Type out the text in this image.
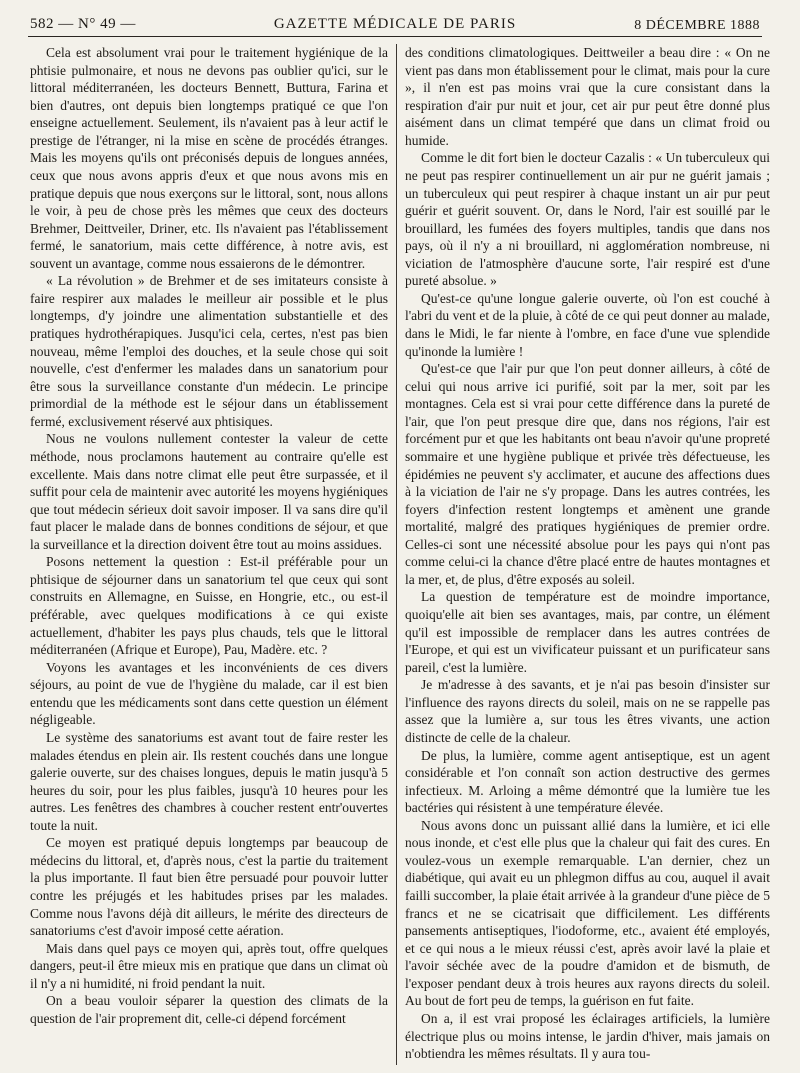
582 — N° 49 —	GAZETTE MÉDICALE DE PARIS	8 DÉCEMBRE 1888

Cela est absolument vrai pour le traitement hygiénique de la phtisie pulmonaire, et nous ne devons pas oublier qu'ici, sur le littoral méditerranéen, les docteurs Bennett, Buttura, Farina et bien d'autres, ont depuis bien longtemps pratiqué ce que l'on enseigne actuellement. Seulement, ils n'avaient pas à leur actif le prestige de l'étranger, ni la mise en scène de procédés étranges. Mais les moyens qu'ils ont préconisés depuis de longues années, ceux que nous avons appris d'eux et que nous avons mis en pratique depuis que nous exerçons sur le littoral, sont, nous allons le voir, à peu de chose près les mêmes que ceux des docteurs Brehmer, Deittveiler, Driner, etc. Ils n'avaient pas l'établissement fermé, le sanatorium, mais cette différence, à notre avis, est souvent un avantage, comme nous essaierons de le démontrer.

« La révolution » de Brehmer et de ses imitateurs consiste à faire respirer aux malades le meilleur air possible et le plus longtemps, d'y joindre une alimentation substantielle et des pratiques hydrothérapiques. Jusqu'ici cela, certes, n'est pas bien nouveau, même l'emploi des douches, et la seule chose qui soit nouvelle, c'est d'enfermer les malades dans un sanatorium pour être sous la surveillance constante d'un médecin. Le principe primordial de la méthode est le séjour dans un établissement fermé, exclusivement réservé aux phtisiques.

Nous ne voulons nullement contester la valeur de cette méthode, nous proclamons hautement au contraire qu'elle est excellente. Mais dans notre climat elle peut être surpassée, et il suffit pour cela de maintenir avec autorité les moyens hygiéniques que tout médecin sérieux doit savoir imposer. Il va sans dire qu'il faut placer le malade dans de bonnes conditions de séjour, et que la surveillance et la direction doivent être tout au moins assidues.

Posons nettement la question : Est-il préférable pour un phtisique de séjourner dans un sanatorium tel que ceux qui sont construits en Allemagne, en Suisse, en Hongrie, etc., ou est-il préférable, avec quelques modifications à ce qui existe actuellement, d'habiter les pays plus chauds, tels que le littoral méditerranéen (Afrique et Europe), Pau, Madère. etc. ?

Voyons les avantages et les inconvénients de ces divers séjours, au point de vue de l'hygiène du malade, car il est bien entendu que les médicaments sont dans cette question un élément négligeable.

Le système des sanatoriums est avant tout de faire rester les malades étendus en plein air. Ils restent couchés dans une longue galerie ouverte, sur des chaises longues, depuis le matin jusqu'à 5 heures du soir, pour les plus faibles, jusqu'à 10 heures pour les autres. Les fenêtres des chambres à coucher restent entr'ouvertes toute la nuit.

Ce moyen est pratiqué depuis longtemps par beaucoup de médecins du littoral, et, d'après nous, c'est la partie du traitement la plus importante. Il faut bien être persuadé pour pouvoir lutter contre les préjugés et les habitudes prises par les malades. Comme nous l'avons déjà dit ailleurs, le mérite des directeurs de sanatoriums c'est d'avoir imposé cette aération.

Mais dans quel pays ce moyen qui, après tout, offre quelques dangers, peut-il être mieux mis en pratique que dans un climat où il n'y a ni humidité, ni froid pendant la nuit.

On a beau vouloir séparer la question des climats de la question de l'air proprement dit, celle-ci dépend forcément

des conditions climatologiques. Deittweiler a beau dire : « On ne vient pas dans mon établissement pour le climat, mais pour la cure », il n'en est pas moins vrai que la cure consistant dans la respiration d'air pur nuit et jour, cet air pur peut être donné plus aisément dans un climat tempéré que dans un climat froid ou humide.

Comme le dit fort bien le docteur Cazalis : « Un tuberculeux qui ne peut pas respirer continuellement un air pur ne guérit jamais ; un tuberculeux qui peut respirer à chaque instant un air pur peut guérir et guérit souvent. Or, dans le Nord, l'air est souillé par le brouillard, les fumées des foyers multiples, tandis que dans nos pays, où il n'y a ni brouillard, ni agglomération nombreuse, ni viciation de l'atmosphère d'aucune sorte, l'air respiré est d'une pureté absolue. »

Qu'est-ce qu'une longue galerie ouverte, où l'on est couché à l'abri du vent et de la pluie, à côté de ce qui peut donner au malade, dans le Midi, le far niente à l'ombre, en face d'une vue splendide qu'inonde la lumière !

Qu'est-ce que l'air pur que l'on peut donner ailleurs, à côté de celui qui nous arrive ici purifié, soit par la mer, soit par les montagnes. Cela est si vrai pour cette différence dans la pureté de l'air, que l'on peut presque dire que, dans nos régions, l'air est forcément pur et que les habitants ont beau n'avoir qu'une propreté sommaire et une hygiène publique et privée très défectueuse, les épidémies ne peuvent s'y acclimater, et aucune des affections dues à la viciation de l'air ne s'y propage. Dans les autres contrées, les foyers d'infection restent longtemps et amènent une grande mortalité, malgré des pratiques hygiéniques de premier ordre. Celles-ci sont une nécessité absolue pour les pays qui n'ont pas comme celui-ci la chance d'être placé entre de hautes montagnes et la mer, et, de plus, d'être exposés au soleil.

La question de température est de moindre importance, quoiqu'elle ait bien ses avantages, mais, par contre, un élément qu'il est impossible de remplacer dans les autres contrées de l'Europe, et qui est un vivificateur puissant et un purificateur sans pareil, c'est la lumière.

Je m'adresse à des savants, et je n'ai pas besoin d'insister sur l'influence des rayons directs du soleil, mais on ne se rappelle pas assez que la lumière a, sur tous les êtres vivants, une action distincte de celle de la chaleur.

De plus, la lumière, comme agent antiseptique, est un agent considérable et l'on connaît son action destructive des germes infectieux. M. Arloing a même démontré que la lumière tue les bactéries qui résistent à une température élevée.

Nous avons donc un puissant allié dans la lumière, et ici elle nous inonde, et c'est elle plus que la chaleur qui fait des cures. En voulez-vous un exemple remarquable. L'an dernier, chez un diabétique, qui avait eu un phlegmon diffus au cou, auquel il avait failli succomber, la plaie était arrivée à la grandeur d'une pièce de 5 francs et ne se cicatrisait que difficilement. Les différents pansements antiseptiques, l'iodoforme, etc., avaient été employés, et ce qui nous a le mieux réussi c'est, après avoir lavé la plaie et l'avoir séchée avec de la poudre d'amidon et de bismuth, de l'exposer pendant deux à trois heures aux rayons directs du soleil. Au bout de fort peu de temps, la guérison en fut faite.

On a, il est vrai proposé les éclairages artificiels, la lumière électrique plus ou moins intense, le jardin d'hiver, mais jamais on n'obtiendra les mêmes résultats. Il y aura tou-
